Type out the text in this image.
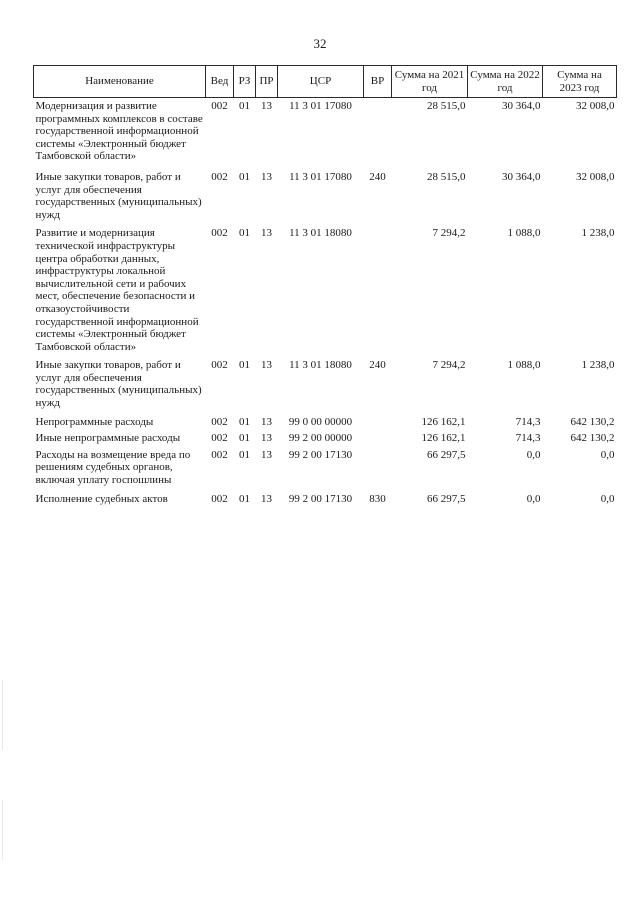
32
Наименование	Вед	РЗ	ПР	ЦСР	ВР	Сумма на 2021 год	Сумма на 2022 год	Сумма на 2023 год
Модернизация и развитие программных комплексов в составе государственной информационной системы «Электронный бюджет Тамбовской области»	002	01	13	11 3 01 17080		28 515,0	30 364,0	32 008,0
Иные закупки товаров, работ и услуг для обеспечения государственных (муниципальных) нужд	002	01	13	11 3 01 17080	240	28 515,0	30 364,0	32 008,0
Развитие и модернизация технической инфраструктуры центра обработки данных, инфраструктуры локальной вычислительной сети и рабочих мест, обеспечение безопасности и отказоустойчивости государственной информационной системы «Электронный бюджет Тамбовской области»	002	01	13	11 3 01 18080		7 294,2	1 088,0	1 238,0
Иные закупки товаров, работ и услуг для обеспечения государственных (муниципальных) нужд	002	01	13	11 3 01 18080	240	7 294,2	1 088,0	1 238,0
Непрограммные расходы	002	01	13	99 0 00 00000		126 162,1	714,3	642 130,2
Иные непрограммные расходы	002	01	13	99 2 00 00000		126 162,1	714,3	642 130,2
Расходы на возмещение вреда по решениям судебных органов, включая уплату госпошлины	002	01	13	99 2 00 17130		66 297,5	0,0	0,0
Исполнение судебных актов	002	01	13	99 2 00 17130	830	66 297,5	0,0	0,0
